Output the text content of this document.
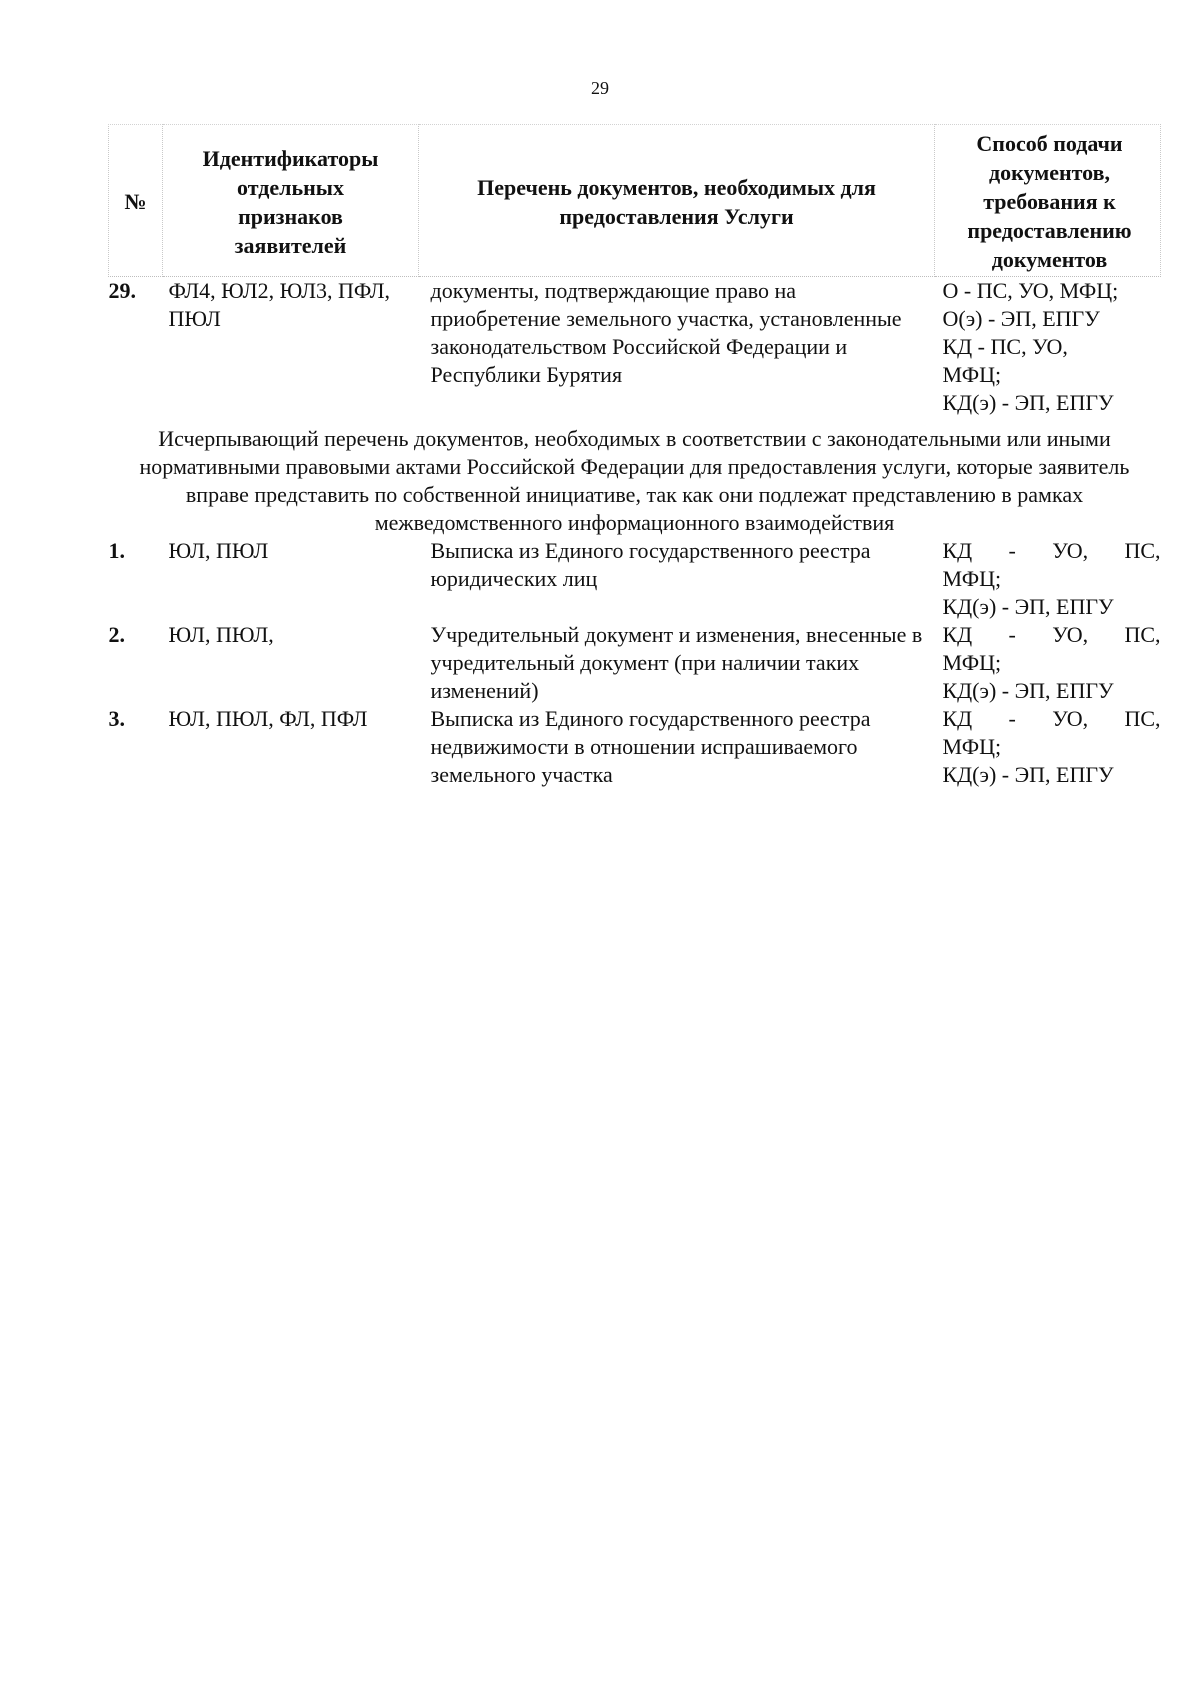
29
№	Идентификаторы отдельных признаков заявителей	Перечень документов, необходимых для предоставления Услуги	Способ подачи документов, требования к предоставлению документов
29.	ФЛ4, ЮЛ2, ЮЛ3, ПФЛ, ПЮЛ	документы, подтверждающие право на приобретение земельного участка, установленные законодательством Российской Федерации и Республики Бурятия	О - ПС, УО, МФЦ;
О(э) - ЭП, ЕПГУ
КД - ПС, УО,
МФЦ;
КД(э) - ЭП, ЕПГУ

Исчерпывающий перечень документов, необходимых в соответствии с законодательными или иными нормативными правовыми актами Российской Федерации для предоставления услуги, которые заявитель вправе представить по собственной инициативе, так как они подлежат представлению в рамках межведомственного информационного взаимодействия			
1.	ЮЛ, ПЮЛ	Выписка из Единого государственного реестра юридических лиц	КД - УО, ПС,
МФЦ;
КД(э) - ЭП, ЕПГУ

2.	ЮЛ, ПЮЛ,	Учредительный документ и изменения, внесенные в учредительный документ (при наличии таких изменений)	КД - УО, ПС,
МФЦ;
КД(э) - ЭП, ЕПГУ

3.	ЮЛ, ПЮЛ, ФЛ, ПФЛ	Выписка из Единого государственного реестра недвижимости в отношении испрашиваемого земельного участка	КД - УО, ПС,
МФЦ;
КД(э) - ЭП, ЕПГУ
